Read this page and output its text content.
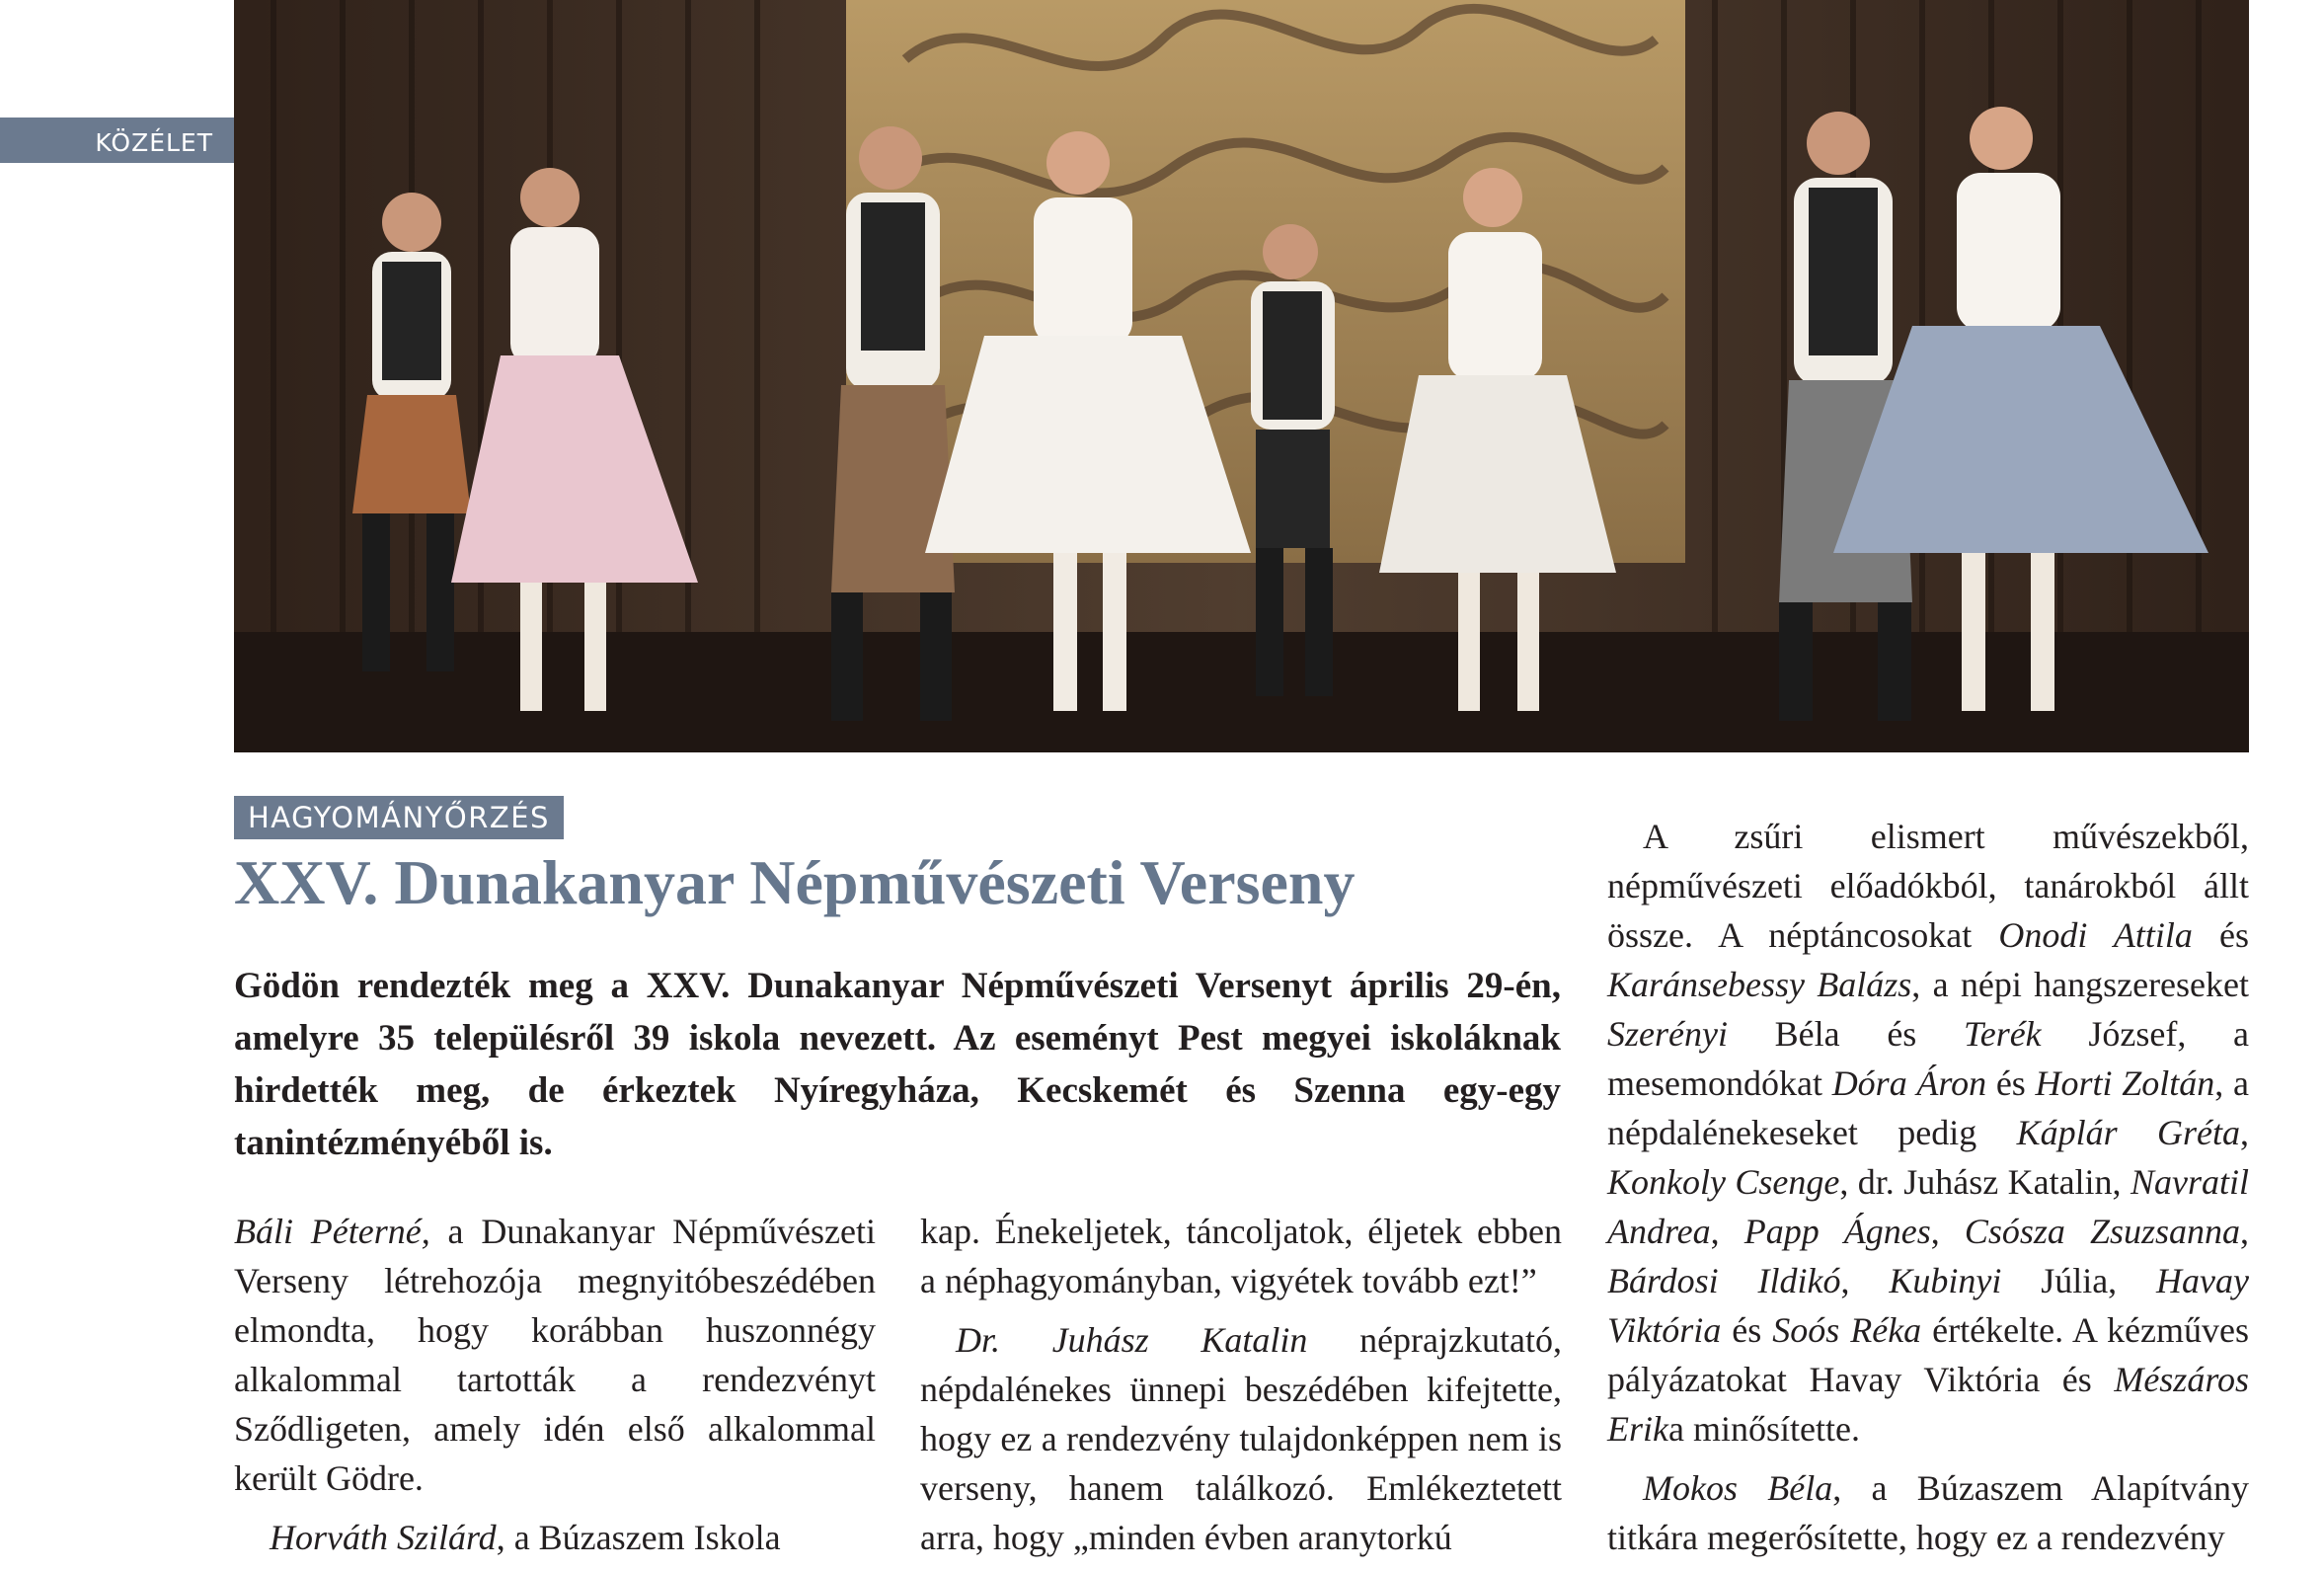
KÖZÉLET
HAGYOMÁNYŐRZÉS
XXV. Dunakanyar Népművészeti Verseny

Gödön rendezték meg a XXV. Dunakanyar Népművészeti Versenyt április 29-én, amelyre 35 településről 39 iskola nevezett. Az eseményt Pest megyei iskoláknak hirdették meg, de érkeztek Nyíregyháza, Kecskemét és Szenna egy-egy tanintézményéből is.

Báli Péterné, a Dunakanyar Népművészeti Verseny létrehozója megnyitóbeszédében elmondta, hogy korábban huszonnégy alkalommal tartották a rendezvényt Sződligeten, amely idén első alkalommal került Gödre.

Horváth Szilárd, a Búzaszem Iskola

kap. Énekeljetek, táncoljatok, éljetek ebben a néphagyományban, vigyétek tovább ezt!”

Dr. Juhász Katalin néprajzkutató, népdalénekes ünnepi beszédében kifejtette, hogy ez a rendezvény tulajdonképpen nem is verseny, hanem találkozó. Emlékeztetett arra, hogy „minden évben aranytorkú

A zsűri elismert művészekből, népművészeti előadókból, tanárokból állt össze. A néptáncosokat Onodi Attila és Karánsebessy Balázs, a népi hangszereseket Szerényi Béla és Terék József, a mesemondókat Dóra Áron és Horti Zoltán, a népdalénekeseket pedig Káplár Gréta, Konkoly Csenge, dr. Juhász Katalin, Navratil Andrea, Papp Ágnes, Csósza Zsuzsanna, Bárdosi Ildikó, Kubinyi Júlia, Havay Viktória és Soós Réka értékelte. A kézműves pályázatokat Havay Viktória és Mészáros Erika minősítette.

Mokos Béla, a Búzaszem Alapítvány titkára megerősítette, hogy ez a rendezvény
